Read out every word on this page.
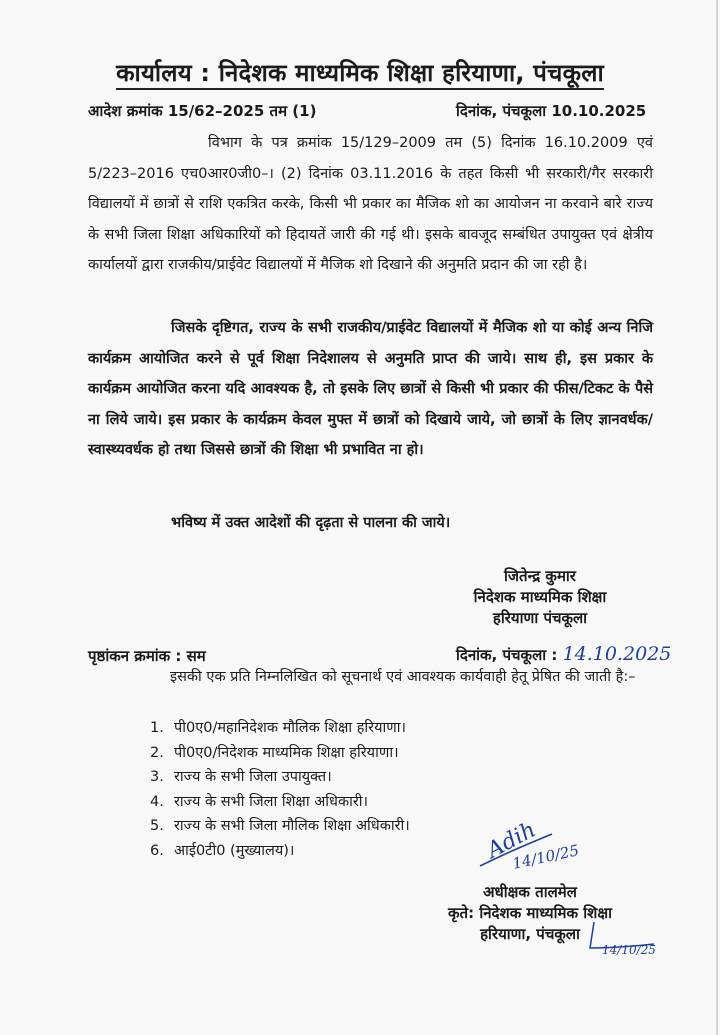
कार्यालय : निदेशक माध्यमिक शिक्षा हरियाणा, पंचकूला
आदेश क्रमांक 15/62–2025 तम (1)	दिनांक, पंचकूला 10.10.2025
विभाग के पत्र क्रमांक 15/129–2009 तम (5) दिनांक 16.10.2009 एवं 5/223–2016 एच0आर0जी0–। (2) दिनांक 03.11.2016 के तहत किसी भी सरकारी/गैर सरकारी विद्यालयों में छात्रों से राशि एकत्रित करके, किसी भी प्रकार का मैजिक शो का आयोजन ना करवाने बारे राज्य के सभी जिला शिक्षा अधिकारियों को हिदायतें जारी की गई थी। इसके बावजूद सम्बंधित उपायुक्त एवं क्षेत्रीय कार्यालयों द्वारा राजकीय/प्राईवेट विद्यालयों में मैजिक शो दिखाने की अनुमति प्रदान की जा रही है।
जिसके दृष्टिगत, राज्य के सभी राजकीय/प्राईवेट विद्यालयों में मैजिक शो या कोई अन्य निजि कार्यक्रम आयोजित करने से पूर्व शिक्षा निदेशालय से अनुमति प्राप्त की जाये। साथ ही, इस प्रकार के कार्यक्रम आयोजित करना यदि आवश्यक है, तो इसके लिए छात्रों से किसी भी प्रकार की फीस/टिकट के पैसे ना लिये जाये। इस प्रकार के कार्यक्रम केवल मुफ्त में छात्रों को दिखाये जाये, जो छात्रों के लिए ज्ञानवर्धक/स्वास्थ्यवर्धक हो तथा जिससे छात्रों की शिक्षा भी प्रभावित ना हो।
भविष्य में उक्त आदेशों की दृढ़ता से पालना की जाये।
जितेन्द्र कुमार
निदेशक माध्यमिक शिक्षा
हरियाणा पंचकूला
पृष्ठांकन क्रमांक : सम	दिनांक, पंचकूला : 14.10.2025
इसकी एक प्रति निम्नलिखित को सूचनार्थ एवं आवश्यक कार्यवाही हेतू प्रेषित की जाती है:–
1. पी0ए0/महानिदेशक मौलिक शिक्षा हरियाणा।
2. पी0ए0/निदेशक माध्यमिक शिक्षा हरियाणा।
3. राज्य के सभी जिला उपायुक्त।
4. राज्य के सभी जिला शिक्षा अधिकारी।
5. राज्य के सभी जिला मौलिक शिक्षा अधिकारी।
6. आई0टी0 (मुख्यालय)।	Adih
14/10/25
अधीक्षक तालमेल
कृते: निदेशक माध्यमिक शिक्षा
हरियाणा, पंचकूला
14/10/25
